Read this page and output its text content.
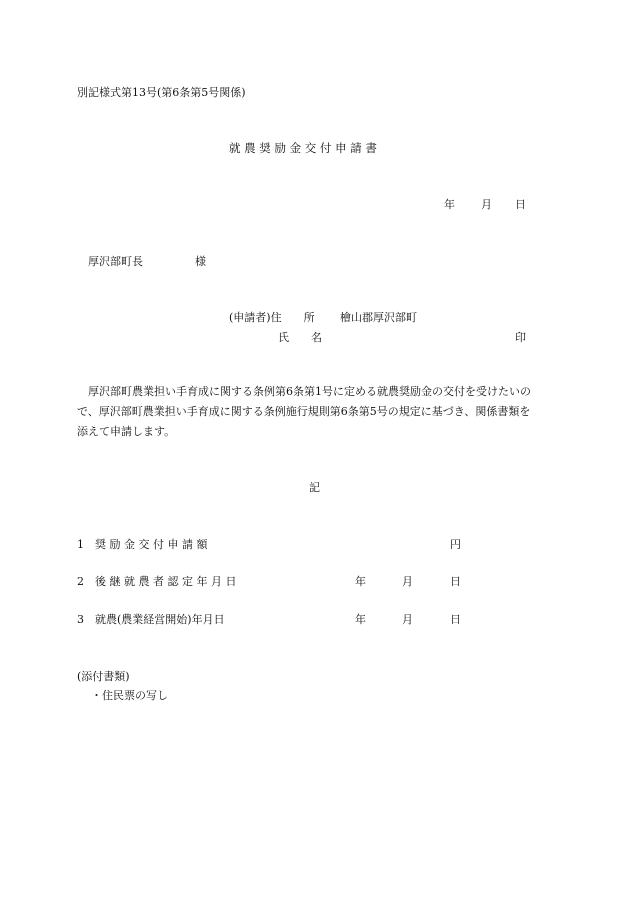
別記様式第13号(第6条第5号関係)
就 農 奨 励 金 交 付 申 請 書
年 月 日
厚沢部町長	様
(申請者)住　　所 檜山郡厚沢部町
氏　　名	印
厚沢部町農業担い手育成に関する条例第6条第1号に定める就農奨励金の交付を受けたいので、厚沢部町農業担い手育成に関する条例施行規則第6条第5号の規定に基づき、関係書類を添えて申請します。
記
1　奨 励 金 交 付 申 請 額	円
2　後 継 就 農 者 認 定 年 月 日	年	月	日
3　就農(農業経営開始)年月日	年	月	日
(添付書類)
・住民票の写し
